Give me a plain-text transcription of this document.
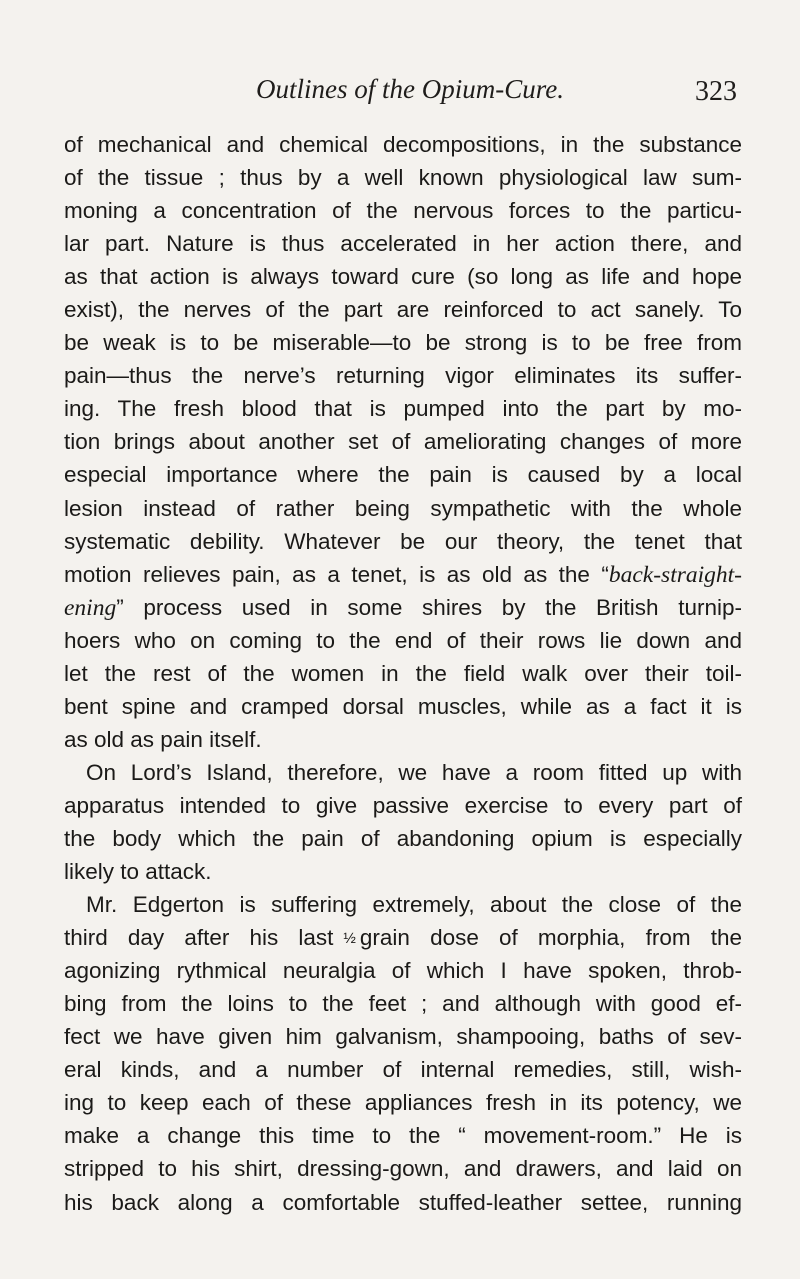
Outlines of the Opium-Cure.	323
of mechanical and chemical decompositions, in the substance
of the tissue ; thus by a well known physiological law sum-
moning a concentration of the nervous forces to the particu-
lar part. Nature is thus accelerated in her action there, and
as that action is always toward cure (so long as life and hope
exist), the nerves of the part are reinforced to act sanely. To
be weak is to be miserable—to be strong is to be free from
pain—thus the nerve’s returning vigor eliminates its suffer-
ing. The fresh blood that is pumped into the part by mo-
tion brings about another set of ameliorating changes of more
especial importance where the pain is caused by a local
lesion instead of rather being sympathetic with the whole
systematic debility. Whatever be our theory, the tenet that
motion relieves pain, as a tenet, is as old as the “back-straight-
ening” process used in some shires by the British turnip-
hoers who on coming to the end of their rows lie down and
let the rest of the women in the field walk over their toil-
bent spine and cramped dorsal muscles, while as a fact it is
as old as pain itself.
On Lord’s Island, therefore, we have a room fitted up with
apparatus intended to give passive exercise to every part of
the body which the pain of abandoning opium is especially
likely to attack.
Mr. Edgerton is suffering extremely, about the close of the
third day after his last ½ grain dose of morphia, from the
agonizing rythmical neuralgia of which I have spoken, throb-
bing from the loins to the feet ; and although with good ef-
fect we have given him galvanism, shampooing, baths of sev-
eral kinds, and a number of internal remedies, still, wish-
ing to keep each of these appliances fresh in its potency, we
make a change this time to the “ movement-room.” He is
stripped to his shirt, dressing-gown, and drawers, and laid on
his back along a comfortable stuffed-leather settee, running
